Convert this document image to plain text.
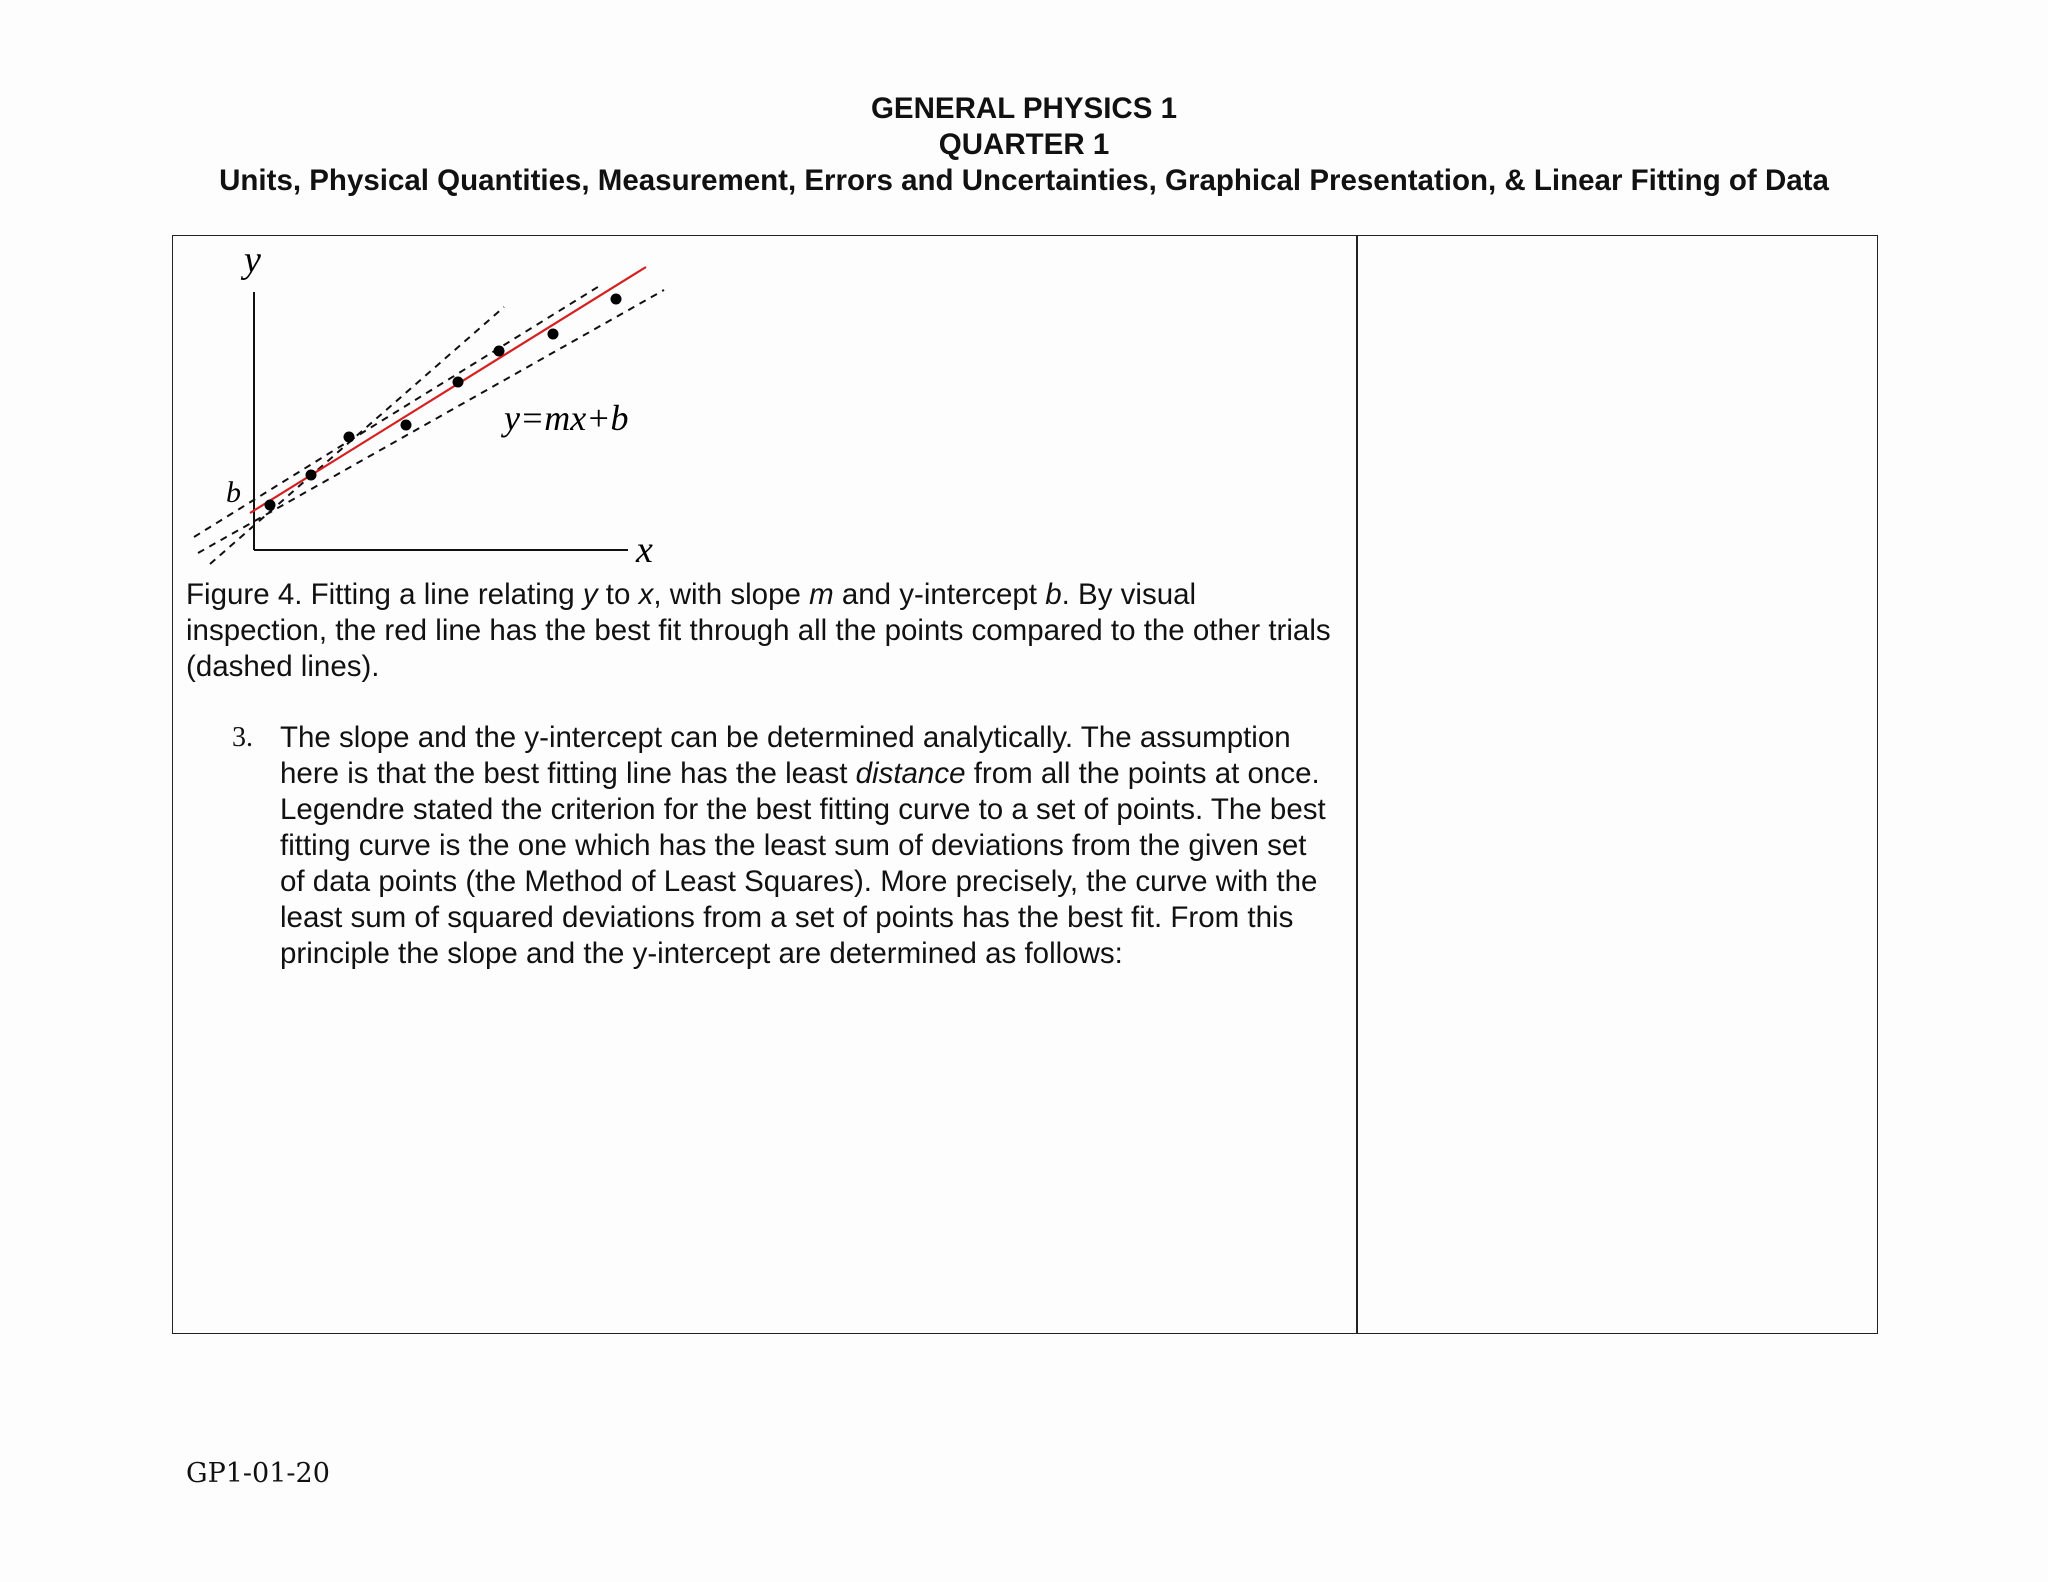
GENERAL PHYSICS 1
QUARTER 1
Units, Physical Quantities, Measurement, Errors and Uncertainties, Graphical Presentation, & Linear Fitting of Data
y
x
b
y=mx+b
Figure 4. Fitting a line relating y to x, with slope m and y-intercept b. By visual inspection, the red line has the best fit through all the points compared to the other trials (dashed lines).
3. The slope and the y-intercept can be determined analytically. The assumption here is that the best fitting line has the least distance from all the points at once. Legendre stated the criterion for the best fitting curve to a set of points. The best fitting curve is the one which has the least sum of deviations from the given set of data points (the Method of Least Squares). More precisely, the curve with the least sum of squared deviations from a set of points has the best fit. From this principle the slope and the y-intercept are determined as follows:
GP1-01-20
